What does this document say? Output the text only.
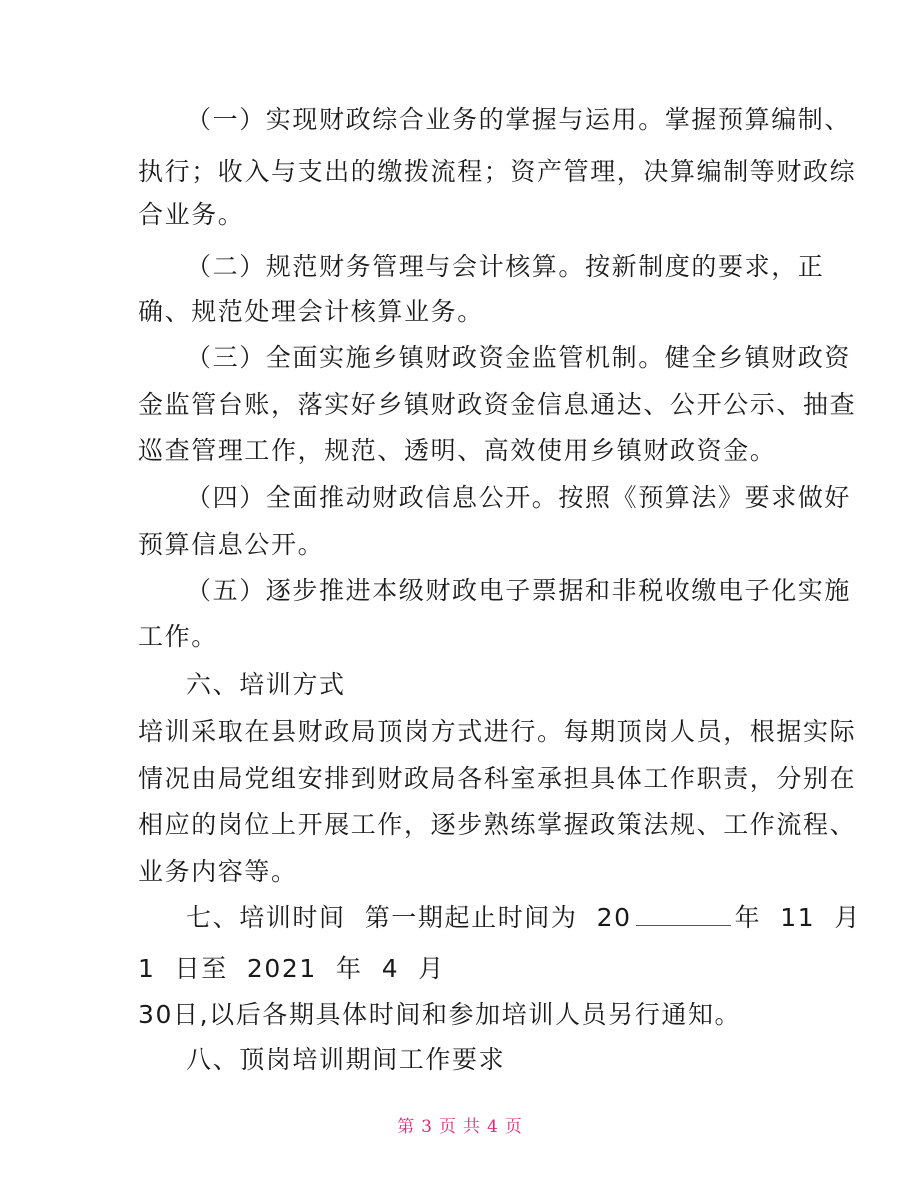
（一）实现财政综合业务的掌握与运用。掌握预算编制、
执行；收入与支出的缴拨流程；资产管理，决算编制等财政综
合业务。
（二）规范财务管理与会计核算。按新制度的要求，正
确、规范处理会计核算业务。
（三）全面实施乡镇财政资金监管机制。健全乡镇财政资
金监管台账，落实好乡镇财政资金信息通达、公开公示、抽查
巡查管理工作，规范、透明、高效使用乡镇财政资金。
（四）全面推动财政信息公开。按照《预算法》要求做好
预算信息公开。
（五）逐步推进本级财政电子票据和非税收缴电子化实施
工作。
六、培训方式
培训采取在县财政局顶岗方式进行。每期顶岗人员，根据实际
情况由局党组安排到财政局各科室承担具体工作职责，分别在
相应的岗位上开展工作，逐步熟练掌握政策法规、工作流程、
业务内容等。
七、培训时间  第一期起止时间为  20	年  11  月
1  日至  2021  年  4  月
30日,以后各期具体时间和参加培训人员另行通知。
八、顶岗培训期间工作要求
第 3 页 共 4 页
